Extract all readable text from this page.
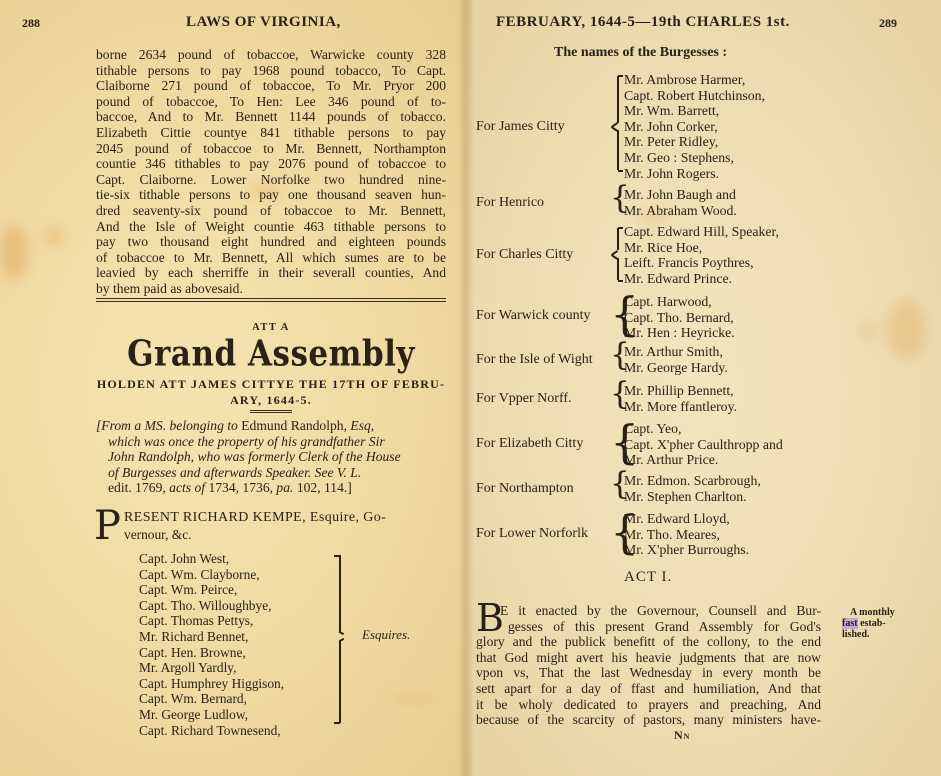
288	LAWS OF VIRGINIA,
borne 2634 pound of tobaccoe, Warwicke county 328
tithable persons to pay 1968 pound tobacco, To Capt.
Claiborne 271 pound of tobaccoe, To Mr. Pryor 200
pound of tobaccoe, To Hen: Lee 346 pound of to-
baccoe, And to Mr. Bennett 1144 pounds of tobacco.
Elizabeth Cittie countye 841 tithable persons to pay
2045 pound of tobaccoe to Mr. Bennett, Northampton
countie 346 tithables to pay 2076 pound of tobaccoe to
Capt. Claiborne. Lower Norfolke two hundred nine-
tie-six tithable persons to pay one thousand seaven hun-
dred seaventy-six pound of tobaccoe to Mr. Bennett,
And the Isle of Weight countie 463 tithable persons to
pay two thousand eight hundred and eighteen pounds
of tobaccoe to Mr. Bennett, All which sumes are to be
leavied by each sherriffe in their severall counties, And
by them paid as abovesaid.
ATT A
Grand Assembly
HOLDEN ATT JAMES CITTYE THE 17TH OF FEBRU-
ARY, 1644-5.
[From a MS. belonging to Edmund Randolph, Esq,
which was once the property of his grandfather Sir
John Randolph, who was formerly Clerk of the House
of Burgesses and afterwards Speaker. See V. L.
edit. 1769, acts of 1734, 1736, pa. 102, 114.]
P RESENT RICHARD KEMPE, Esquire, Go-
vernour, &c.
Capt. John West,
Capt. Wm. Clayborne,
Capt. Wm. Peirce,
Capt. Tho. Willoughbye,
Capt. Thomas Pettys,
Mr. Richard Bennet,
Capt. Hen. Browne,
Mr. Argoll Yardly,
Capt. Humphrey Higgison,
Capt. Wm. Bernard,
Mr. George Ludlow,
Capt. Richard Townesend,
Esquires.
FEBRUARY, 1644-5—19th CHARLES 1st.	289
The names of the Burgesses :
For James Citty
Mr. Ambrose Harmer,
Capt. Robert Hutchinson,
Mr. Wm. Barrett,
Mr. John Corker,
Mr. Peter Ridley,
Mr. Geo : Stephens,
Mr. John Rogers.
For Henrico {
Mr. John Baugh and
Mr. Abraham Wood.
For Charles Citty
Capt. Edward Hill, Speaker,
Mr. Rice Hoe,
Leift. Francis Poythres,
Mr. Edward Prince.
For Warwick county {
Capt. Harwood,
Capt. Tho. Bernard,
Mr. Hen : Heyricke.
For the Isle of Wight {
Mr. Arthur Smith,
Mr. George Hardy.
For Vpper Norff. {
Mr. Phillip Bennett,
Mr. More ffantleroy.
For Elizabeth Citty {
Capt. Yeo,
Capt. X'pher Caulthropp and
Mr. Arthur Price.
For Northampton {
Mr. Edmon. Scarbrough,
Mr. Stephen Charlton.
For Lower Norforlk {
Mr. Edward Lloyd,
Mr. Tho. Meares,
Mr. X'pher Burroughs.
ACT I.
B
E it enacted by the Governour, Counsell and Bur-
gesses of this present Grand Assembly for God's
glory and the publick benefitt of the collony, to the end
that God might avert his heavie judgments that are now
vpon vs, That the last Wednesday in every month be
sett apart for a day of ffast and humiliation, And that
it be wholy dedicated to prayers and preaching, And
because of the scarcity of pastors, many ministers have-
A monthly
fast estab-
lished.
Nn
